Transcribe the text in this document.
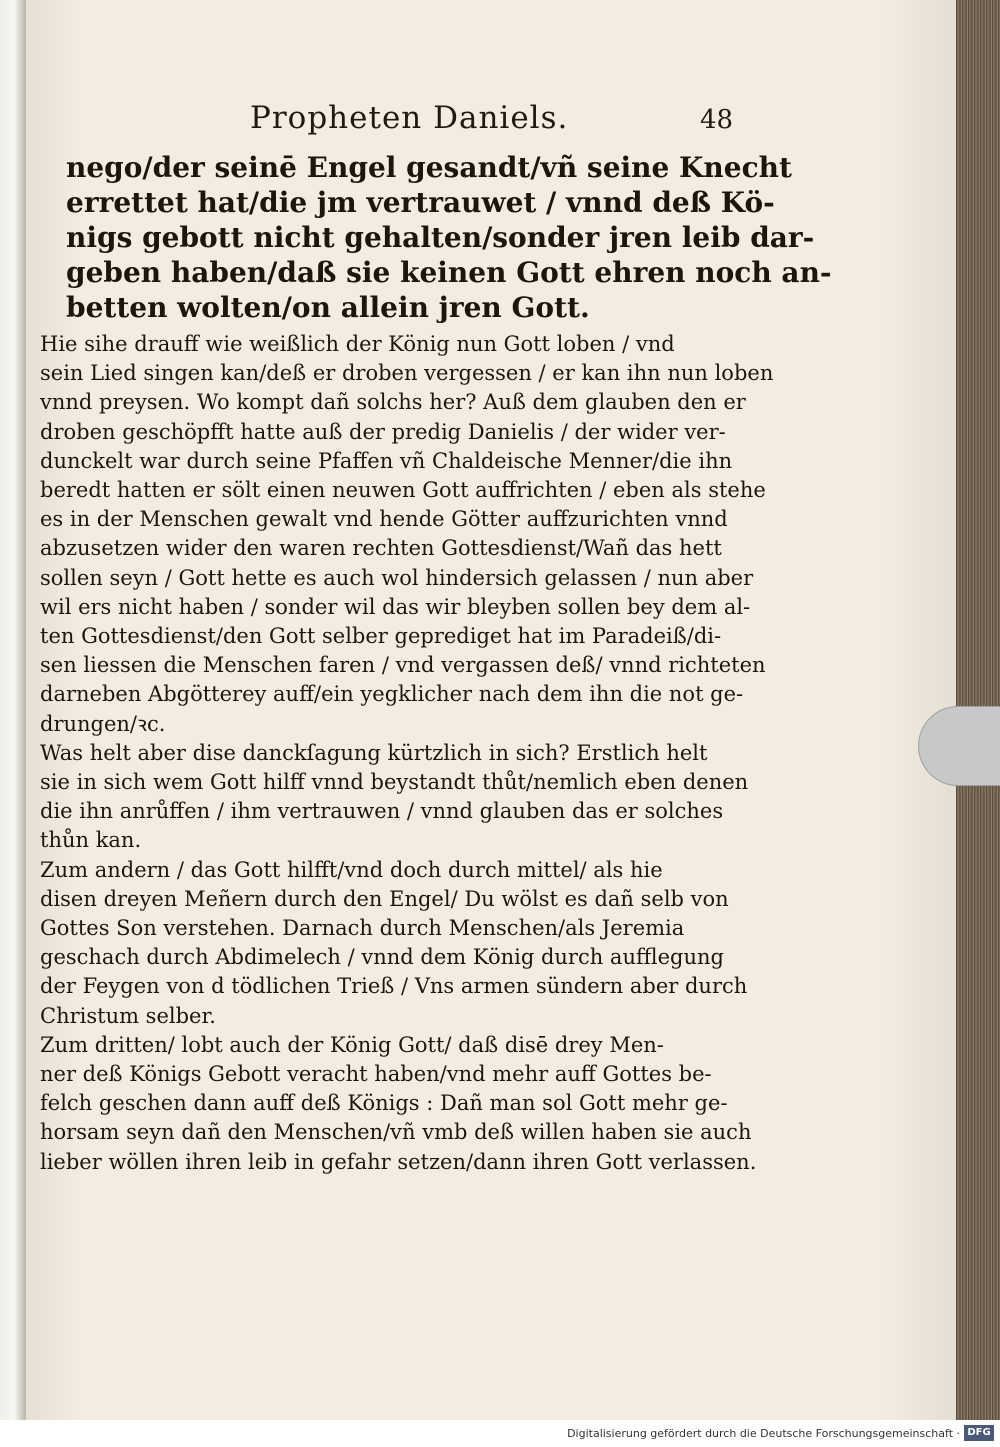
Propheten Daniels.	48
nego/der seinē Engel gesandt/vñ seine Knecht
errettet hat/die jm vertrauwet / vnnd deß Kö-
nigs gebott nicht gehalten/sonder jren leib dar-
geben haben/daß sie keinen Gott ehren noch an-
betten wolten/on allein jren Gott.
Hie sihe drauff wie weißlich der König nun Gott loben / vnd
sein Lied singen kan/deß er droben vergessen / er kan ihn nun loben
vnnd preysen. Wo kompt dañ solchs her? Auß dem glauben den er
droben geschöpfft hatte auß der predig Danielis / der wider ver-
dunckelt war durch seine Pfaffen vñ Chaldeische Menner/die ihn
beredt hatten er sölt einen neuwen Gott auffrichten / eben als stehe
es in der Menschen gewalt vnd hende Götter auffzurichten vnnd
abzusetzen wider den waren rechten Gottesdienst/Wañ das hett
sollen seyn / Gott hette es auch wol hindersich gelassen / nun aber
wil ers nicht haben / sonder wil das wir bleyben sollen bey dem al-
ten Gottesdienst/den Gott selber geprediget hat im Paradeiß/di-
sen liessen die Menschen faren / vnd vergassen deß/ vnnd richteten
darneben Abgötterey auff/ein yegklicher nach dem ihn die not ge-
drungen/ꝛc.
Was helt aber dise danckſagung kürtzlich in sich? Erstlich helt
sie in sich wem Gott hilff vnnd beystandt thůt/nemlich eben denen
die ihn anrůffen / ihm vertrauwen / vnnd glauben das er solches
thůn kan.
Zum andern / das Gott hilfft/vnd doch durch mittel/ als hie
disen dreyen Meñern durch den Engel/ Du wölst es dañ selb von
Gottes Son verstehen. Darnach durch Menschen/als Jeremia
geschach durch Abdimelech / vnnd dem König durch aufflegung
der Feygen von d tödlichen Trieß / Vns armen sündern aber durch
Christum selber.
Zum dritten/ lobt auch der König Gott/ daß disē drey Men-
ner deß Königs Gebott veracht haben/vnd mehr auff Gottes be-
felch geschen dann auff deß Königs : Dañ man sol Gott mehr ge-
horsam seyn dañ den Menschen/vñ vmb deß willen haben sie auch
lieber wöllen ihren leib in gefahr setzen/dann ihren Gott verlassen.
Digitalisierung gefördert durch die Deutsche Forschungsgemeinschaft · DFG
